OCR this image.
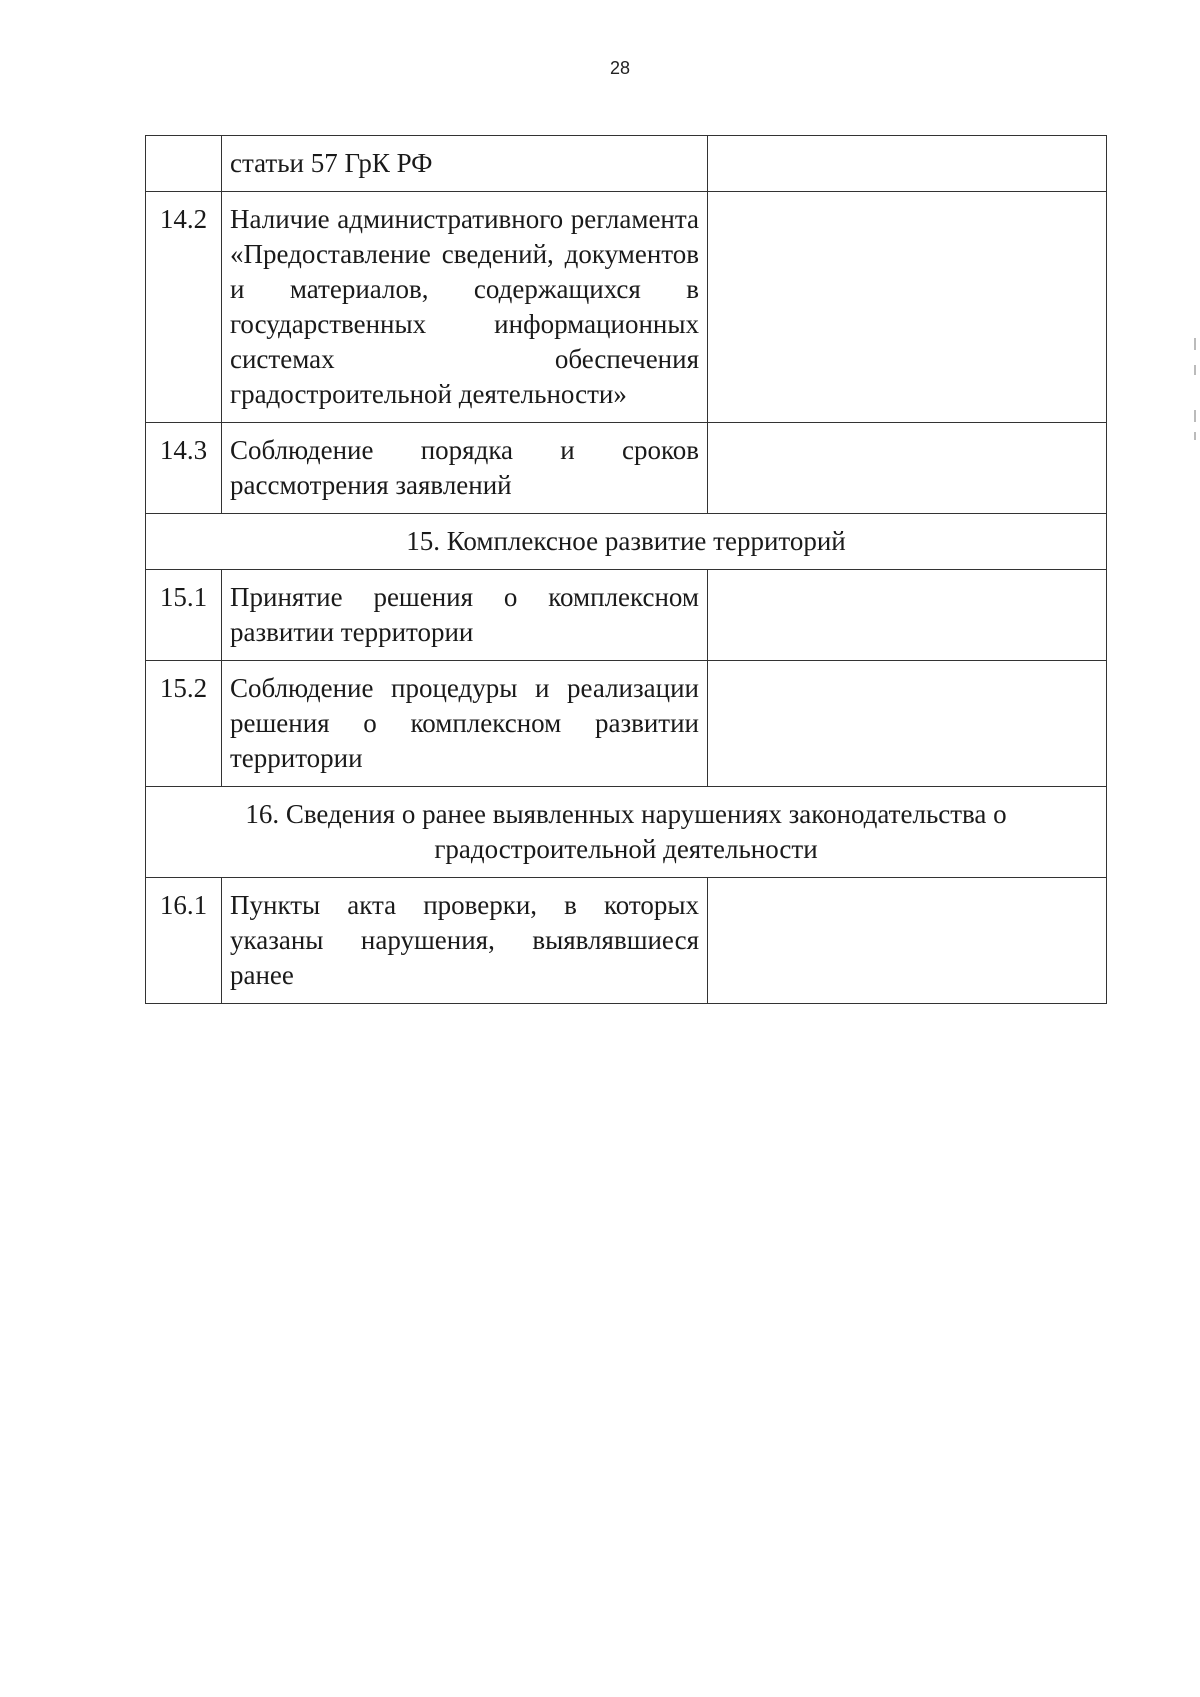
28
	статьи 57 ГрК РФ	
14.2	Наличие административного регламента «Предоставление сведений, документов и материалов, содержащихся в государственных информационных системах обеспечения градостроительной деятельности»	
14.3	Соблюдение порядка и сроков рассмотрения заявлений	
15. Комплексное развитие территорий		
15.1	Принятие решения о комплексном развитии территории	
15.2	Соблюдение процедуры и реализации решения о комплексном развитии территории	
16. Сведения о ранее выявленных нарушениях законодательства о градостроительной деятельности		
16.1	Пункты акта проверки, в которых указаны нарушения, выявлявшиеся ранее	
